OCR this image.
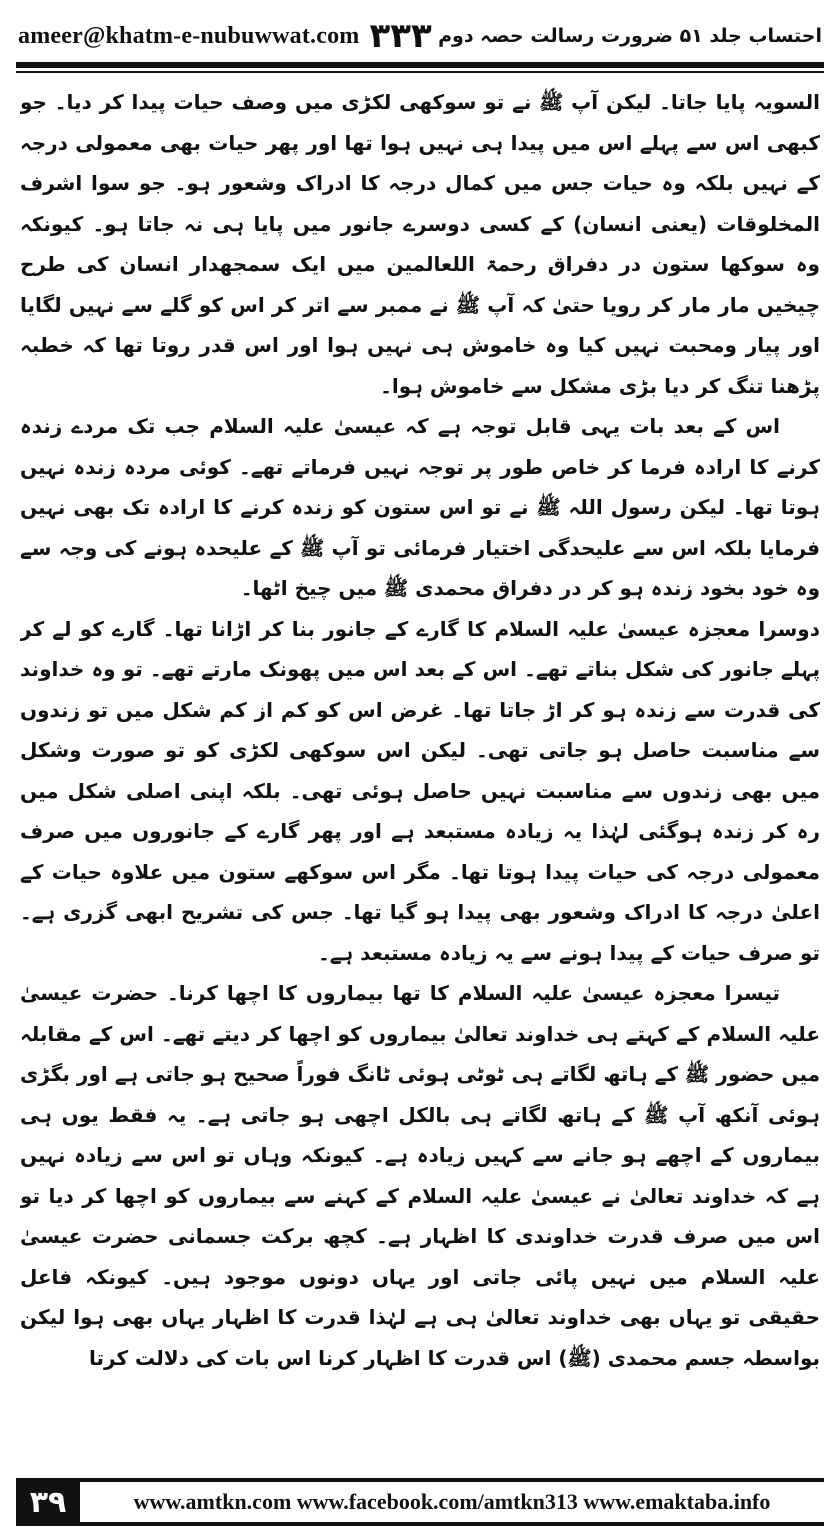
ameer@khatm-e-nubuwwat.com ۳۳۳ احتساب جلد ۵۱ ضرورت رسالت حصہ دوم

السویہ پایا جاتا۔ لیکن آپ ﷺ نے تو سوکھی لکڑی میں وصف حیات پیدا کر دیا۔ جو کبھی اس سے پہلے اس میں پیدا ہی نہیں ہوا تھا اور پھر حیات بھی معمولی درجہ کے نہیں بلکہ وہ حیات جس میں کمال درجہ کا ادراک وشعور ہو۔ جو سوا اشرف المخلوقات (یعنی انسان) کے کسی دوسرے جانور میں پایا ہی نہ جاتا ہو۔ کیونکہ وہ سوکھا ستون در دفراق رحمۃ اللعالمین میں ایک سمجھدار انسان کی طرح چیخیں مار مار کر رویا حتیٰ کہ آپ ﷺ نے ممبر سے اتر کر اس کو گلے سے نہیں لگایا اور پیار ومحبت نہیں کیا وہ خاموش ہی نہیں ہوا اور اس قدر روتا تھا کہ خطبہ پڑھنا تنگ کر دیا بڑی مشکل سے خاموش ہوا۔

اس کے بعد بات یہی قابل توجہ ہے کہ عیسیٰ علیہ السلام جب تک مردے زندہ کرنے کا ارادہ فرما کر خاص طور پر توجہ نہیں فرماتے تھے۔ کوئی مردہ زندہ نہیں ہوتا تھا۔ لیکن رسول اللہ ﷺ نے تو اس ستون کو زندہ کرنے کا ارادہ تک بھی نہیں فرمایا بلکہ اس سے علیحدگی اختیار فرمائی تو آپ ﷺ کے علیحدہ ہونے کی وجہ سے وہ خود بخود زندہ ہو کر در دفراق محمدی ﷺ میں چیخ اٹھا۔

دوسرا معجزہ عیسیٰ علیہ السلام کا گارے کے جانور بنا کر اڑانا تھا۔ گارے کو لے کر پہلے جانور کی شکل بناتے تھے۔ اس کے بعد اس میں پھونک مارتے تھے۔ تو وہ خداوند کی قدرت سے زندہ ہو کر اڑ جاتا تھا۔ غرض اس کو کم از کم شکل میں تو زندوں سے مناسبت حاصل ہو جاتی تھی۔ لیکن اس سوکھی لکڑی کو تو صورت وشکل میں بھی زندوں سے مناسبت نہیں حاصل ہوئی تھی۔ بلکہ اپنی اصلی شکل میں رہ کر زندہ ہوگئی لہٰذا یہ زیادہ مستبعد ہے اور پھر گارے کے جانوروں میں صرف معمولی درجہ کی حیات پیدا ہوتا تھا۔ مگر اس سوکھے ستون میں علاوہ حیات کے اعلیٰ درجہ کا ادراک وشعور بھی پیدا ہو گیا تھا۔ جس کی تشریح ابھی گزری ہے۔ تو صرف حیات کے پیدا ہونے سے یہ زیادہ مستبعد ہے۔

تیسرا معجزہ عیسیٰ علیہ السلام کا تھا بیماروں کا اچھا کرنا۔ حضرت عیسیٰ علیہ السلام کے کہتے ہی خداوند تعالیٰ بیماروں کو اچھا کر دیتے تھے۔ اس کے مقابلہ میں حضور ﷺ کے ہاتھ لگاتے ہی ٹوٹی ہوئی ٹانگ فوراً صحیح ہو جاتی ہے اور بگڑی ہوئی آنکھ آپ ﷺ کے ہاتھ لگاتے ہی بالکل اچھی ہو جاتی ہے۔ یہ فقط یوں ہی بیماروں کے اچھے ہو جانے سے کہیں زیادہ ہے۔ کیونکہ وہاں تو اس سے زیادہ نہیں ہے کہ خداوند تعالیٰ نے عیسیٰ علیہ السلام کے کہنے سے بیماروں کو اچھا کر دیا تو اس میں صرف قدرت خداوندی کا اظہار ہے۔ کچھ برکت جسمانی حضرت عیسیٰ علیہ السلام میں نہیں پائی جاتی اور یہاں دونوں موجود ہیں۔ کیونکہ فاعل حقیقی تو یہاں بھی خداوند تعالیٰ ہی ہے لہٰذا قدرت کا اظہار یہاں بھی ہوا لیکن بواسطہ جسم محمدی (ﷺ) اس قدرت کا اظہار کرنا اس بات کی دلالت کرتا

۳۹	www.amtkn.com www.facebook.com/amtkn313 www.emaktaba.info
